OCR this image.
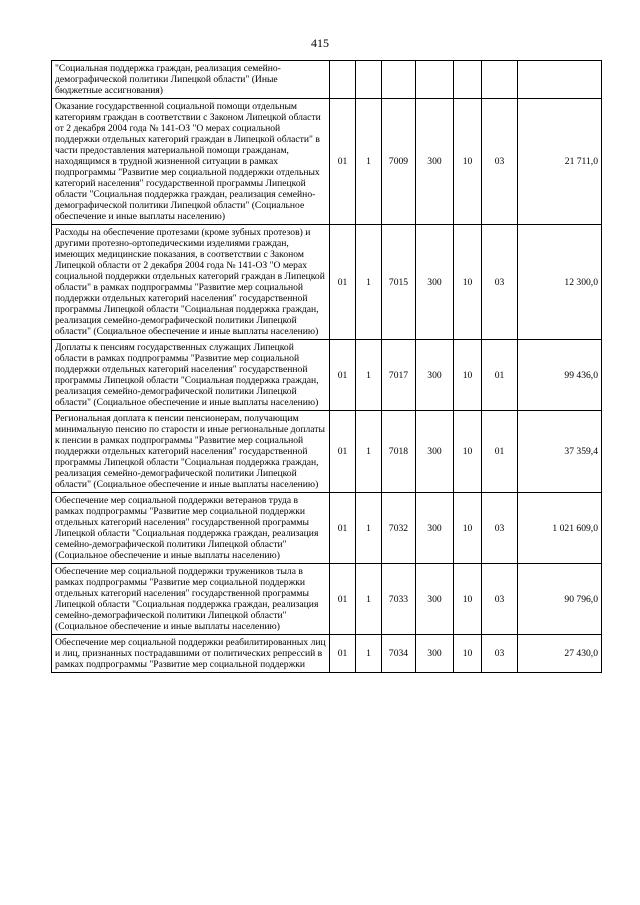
415
"Социальная поддержка граждан, реализация семейно-демографической политики Липецкой области" (Иные бюджетные ассигнования)							
Оказание государственной социальной помощи отдельным категориям граждан в соответствии с Законом Липецкой области от 2 декабря 2004 года № 141-ОЗ "О мерах социальной поддержки отдельных категорий граждан в Липецкой области" в части предоставления материальной помощи гражданам, находящимся в трудной жизненной ситуации в рамках подпрограммы "Развитие мер социальной поддержки отдельных категорий населения" государственной программы Липецкой области "Социальная поддержка граждан, реализация семейно-демографической политики Липецкой области" (Социальное обеспечение и иные выплаты населению)	01	1	7009	300	10	03	21 711,0
Расходы на обеспечение протезами (кроме зубных протезов) и другими протезно-ортопедическими изделиями граждан, имеющих медицинские показания, в соответствии с Законом Липецкой области от 2 декабря 2004 года № 141-ОЗ "О мерах социальной поддержки отдельных категорий граждан в Липецкой области" в рамках подпрограммы "Развитие мер социальной поддержки отдельных категорий населения" государственной программы Липецкой области "Социальная поддержка граждан, реализация семейно-демографической политики Липецкой области" (Социальное обеспечение и иные выплаты населению)	01	1	7015	300	10	03	12 300,0
Доплаты к пенсиям государственных служащих Липецкой области в рамках подпрограммы "Развитие мер социальной поддержки отдельных категорий населения" государственной программы Липецкой области "Социальная поддержка граждан, реализация семейно-демографической политики Липецкой области" (Социальное обеспечение и иные выплаты населению)	01	1	7017	300	10	01	99 436,0
Региональная доплата к пенсии пенсионерам, получающим минимальную пенсию по старости и иные региональные доплаты к пенсии в рамках подпрограммы "Развитие мер социальной поддержки отдельных категорий населения" государственной программы Липецкой области "Социальная поддержка граждан, реализация семейно-демографической политики Липецкой области" (Социальное обеспечение и иные выплаты населению)	01	1	7018	300	10	01	37 359,4
Обеспечение мер социальной поддержки ветеранов труда в рамках подпрограммы "Развитие мер социальной поддержки отдельных категорий населения" государственной программы Липецкой области "Социальная поддержка граждан, реализация семейно-демографической политики Липецкой области" (Социальное обеспечение и иные выплаты населению)	01	1	7032	300	10	03	1 021 609,0
Обеспечение мер социальной поддержки тружеников тыла в рамках подпрограммы "Развитие мер социальной поддержки отдельных категорий населения" государственной программы Липецкой области "Социальная поддержка граждан, реализация семейно-демографической политики Липецкой области" (Социальное обеспечение и иные выплаты населению)	01	1	7033	300	10	03	90 796,0
Обеспечение мер социальной поддержки реабилитированных лиц и лиц, признанных пострадавшими от политических репрессий в рамках подпрограммы "Развитие мер социальной поддержки	01	1	7034	300	10	03	27 430,0
